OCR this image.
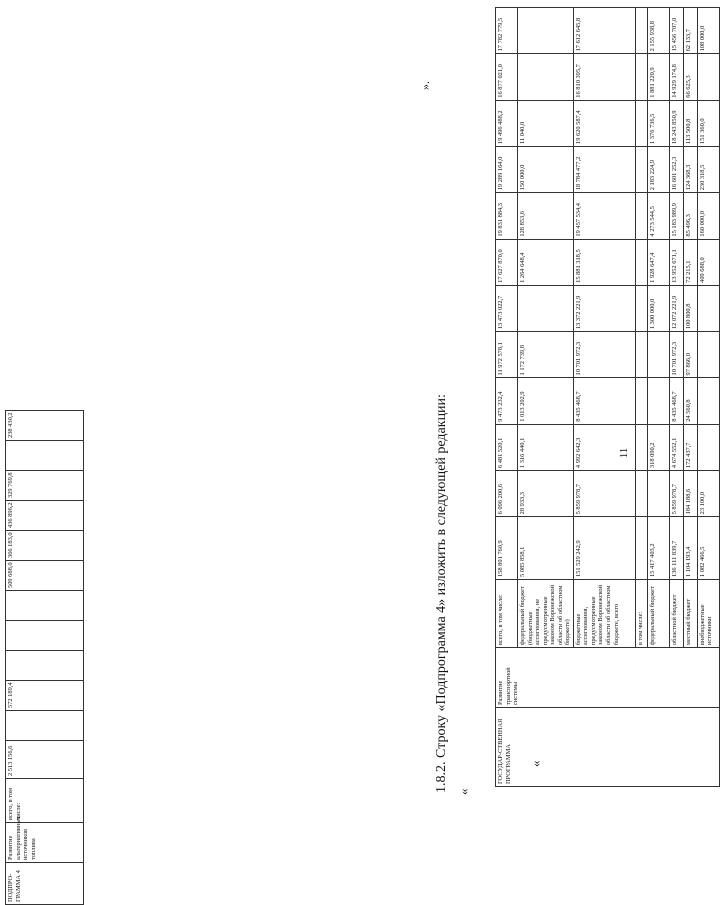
«
11
ГОСУДАР-СТВЕННАЯ ПРОГРАММА	Развитие транспортной системы	всего, в том числе:	158 801 760,9	6 096 200,6	6 481 520,1	9 473 232,4	11 972 578,1	13 473 022,7	17 627 870,0	19 831 884,3	19 289 164,0	19 496 488,2	16 877 021,0	17 782 779,5
		федеральный бюджет (бюджетные ассигнования, не предусмотренные законом Воронежской области об областном бюджете)	5 085 858,1	28 933,3	1 316 440,1	1 013 202,9	1 172 739,8		1 264 648,4	128 853,6	150 000,0	11 040,0		
		бюджетные ассигнования, предусмотренные законом Воронежской области об областном бюджете, всего	151 529 242,9	5 859 978,7	4 992 642,3	8 435 468,7	10 701 972,3	13 372 221,9	15 881 318,5	19 457 534,4	18 784 477,2	19 620 587,4	16 810 395,7	17 612 645,8
		в том числе:												
		федеральный бюджет	15 417 403,2		318 090,2			1 300 000,0	1 928 647,4	4 273 544,5	2 183 224,9	1 376 736,5	1 881 220,9	2 155 938,8
		областной бюджет	136 111 839,7	5 859 978,7	4 674 552,1	8 435 468,7	10 701 972,3	12 072 221,9	13 952 671,1	15 183 989,9	16 601 252,3	18 243 850,9	14 929 174,8	15 456 707,0
		местный бюджет	1 104 193,4	184 188,6	172 437,7	24 560,8	97 866,0	100 800,8	72 215,1	85 496,3	124 368,3	113 500,8	66 625,3	62 133,7
		внебюджетные источники	1 082 466,5	23 100,0					409 688,0	160 000,0	230 318,5	151 360,0		108 000,0
1.8.2. Строку «Подпрограмма 4» изложить в следующей редакции:
».
«
ПОДПРО-ГРАММА 4	Развитие альтернативных источников топлива	всего, в том числе:	2 513 156,6		572 189,4				509 688,0	366 183,0	436 896,2	329 769,8		238 430,2
